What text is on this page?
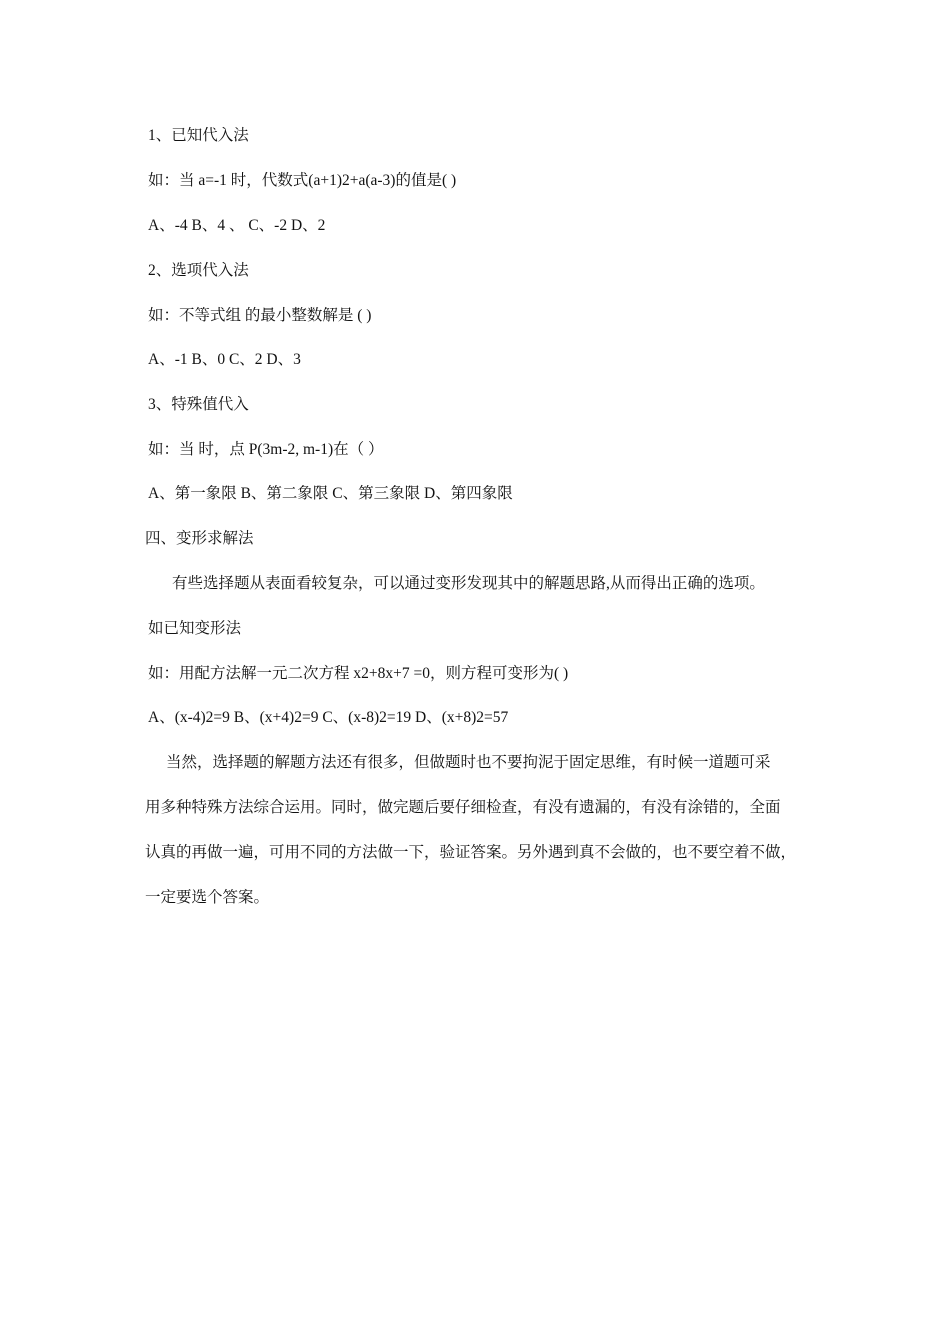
1、已知代入法
如：当 a=-1 时，代数式(a+1)2+a(a-3)的值是( )
A、-4 B、4 、 C、-2 D、2
2、选项代入法
如：不等式组 的最小整数解是 ( )
A、-1 B、0 C、2 D、3
3、特殊值代入
如：当 时，点 P(3m-2, m-1)在（ ）
A、第一象限 B、第二象限 C、第三象限 D、第四象限
四、变形求解法
有些选择题从表面看较复杂，可以通过变形发现其中的解题思路,从而得出正确的选项。
如已知变形法
如：用配方法解一元二次方程 x2+8x+7 =0，则方程可变形为( )
A、(x-4)2=9 B、(x+4)2=9 C、(x-8)2=19 D、(x+8)2=57
当然，选择题的解题方法还有很多，但做题时也不要拘泥于固定思维，有时候一道题可采
用多种特殊方法综合运用。同时，做完题后要仔细检查，有没有遗漏的，有没有涂错的，全面
认真的再做一遍，可用不同的方法做一下，验证答案。另外遇到真不会做的，也不要空着不做，
一定要选个答案。
